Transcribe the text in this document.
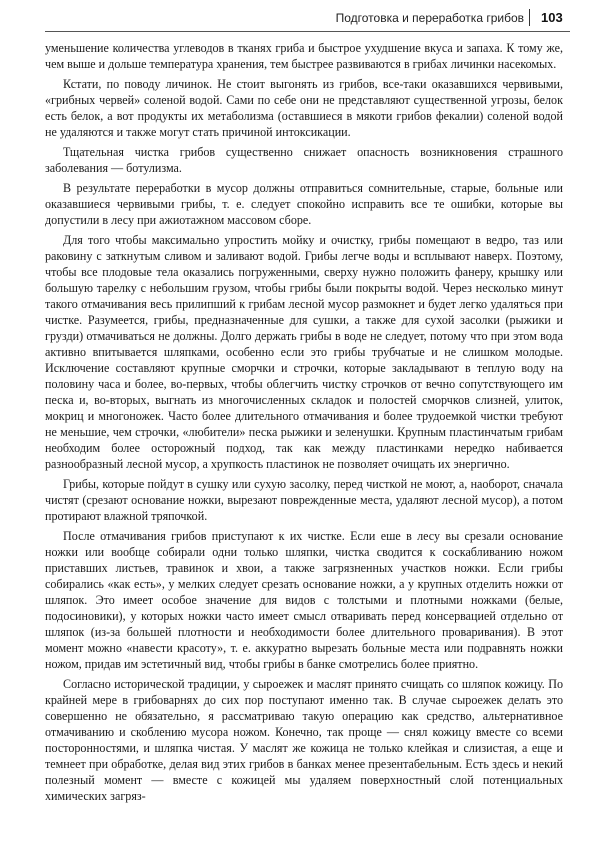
Подготовка и переработка грибов 103

уменьшение количества углеводов в тканях гриба и быстрое ухудшение вкуса и запаха. К тому же, чем выше и дольше температура хранения, тем быстрее развиваются в грибах личинки насекомых.

Кстати, по поводу личинок. Не стоит выгонять из грибов, все-таки оказавшихся червивыми, «грибных червей» соленой водой. Сами по себе они не представляют существенной угрозы, белок есть белок, а вот продукты их метаболизма (оставшиеся в мякоти грибов фекалии) соленой водой не удаляются и также могут стать причиной интоксикации.

Тщательная чистка грибов существенно снижает опасность возникновения страшного заболевания — ботулизма.

В результате переработки в мусор должны отправиться сомнительные, старые, больные или оказавшиеся червивыми грибы, т. е. следует спокойно исправить все те ошибки, которые вы допустили в лесу при ажиотажном массовом сборе.

Для того чтобы максимально упростить мойку и очистку, грибы помещают в ведро, таз или раковину с заткнутым сливом и заливают водой. Грибы легче воды и всплывают наверх. Поэтому, чтобы все плодовые тела оказались погруженными, сверху нужно положить фанеру, крышку или большую тарелку с небольшим грузом, чтобы грибы были покрыты водой. Через несколько минут такого отмачивания весь прилипший к грибам лесной мусор размокнет и будет легко удаляться при чистке. Разумеется, грибы, предназначенные для сушки, а также для сухой засолки (рыжики и грузди) отмачиваться не должны. Долго держать грибы в воде не следует, потому что при этом вода активно впитывается шляпками, особенно если это грибы трубчатые и не слишком молодые. Исключение составляют крупные сморчки и строчки, которые закладывают в теплую воду на половину часа и более, во-первых, чтобы облегчить чистку строчков от вечно сопутствующего им песка и, во-вторых, выгнать из многочисленных складок и полостей сморчков слизней, улиток, мокриц и многоножек. Часто более длительного отмачивания и более трудоемкой чистки требуют не меньшие, чем строчки, «любители» песка рыжики и зеленушки. Крупным пластинчатым грибам необходим более осторожный подход, так как между пластинками нередко набивается разнообразный лесной мусор, а хрупкость пластинок не позволяет очищать их энергично.

Грибы, которые пойдут в сушку или сухую засолку, перед чисткой не моют, а, наоборот, сначала чистят (срезают основание ножки, вырезают поврежденные места, удаляют лесной мусор), а потом протирают влажной тряпочкой.

После отмачивания грибов приступают к их чистке. Если еше в лесу вы срезали основание ножки или вообще собирали одни только шляпки, чистка сводится к соскабливанию ножом приставших листьев, травинок и хвои, а также загрязненных участков ножки. Если грибы собирались «как есть», у мелких следует срезать основание ножки, а у крупных отделить ножки от шляпок. Это имеет особое значение для видов с толстыми и плотными ножками (белые, подосиновики), у которых ножки часто имеет смысл отваривать перед консервацией отдельно от шляпок (из-за большей плотности и необходимости более длительного проваривания). В этот момент можно «навести красоту», т. е. аккуратно вырезать больные места или подравнять ножки ножом, придав им эстетичный вид, чтобы грибы в банке смотрелись более приятно.

Согласно исторической традиции, у сыроежек и маслят принято счищать со шляпок кожицу. По крайней мере в грибоварнях до сих пор поступают именно так. В случае сыроежек делать это совершенно не обязательно, я рассматриваю такую операцию как средство, альтернативное отмачиванию и скоблению мусора ножом. Конечно, так проще — снял кожицу вместе со всеми посторонностями, и шляпка чистая. У маслят же кожица не только клейкая и слизистая, а еще и темнеет при обработке, делая вид этих грибов в банках менее презентабельным. Есть здесь и некий полезный момент — вместе с кожицей мы удаляем поверхностный слой потенциальных химических загряз-
